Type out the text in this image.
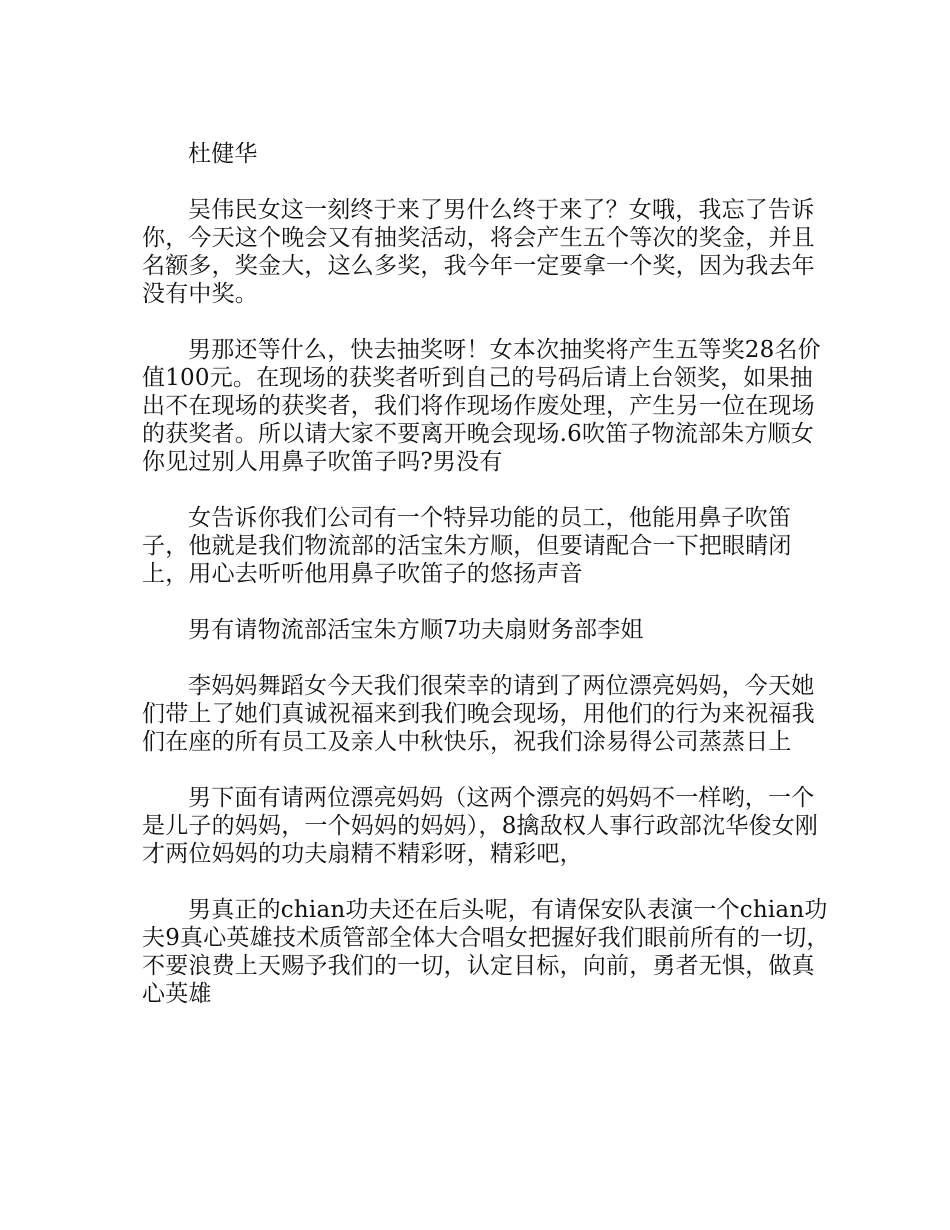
杜健华

吴伟民女这一刻终于来了男什么终于来了？女哦，我忘了告诉你，今天这个晚会又有抽奖活动，将会产生五个等次的奖金，并且名额多，奖金大，这么多奖，我今年一定要拿一个奖，因为我去年没有中奖。

男那还等什么，快去抽奖呀！女本次抽奖将产生五等奖28名价值100元。在现场的获奖者听到自己的号码后请上台领奖，如果抽出不在现场的获奖者，我们将作现场作废处理，产生另一位在现场的获奖者。所以请大家不要离开晚会现场.6吹笛子物流部朱方顺女你见过别人用鼻子吹笛子吗?男没有

女告诉你我们公司有一个特异功能的员工，他能用鼻子吹笛子，他就是我们物流部的活宝朱方顺，但要请配合一下把眼睛闭上，用心去听听他用鼻子吹笛子的悠扬声音

男有请物流部活宝朱方顺7功夫扇财务部李姐

李妈妈舞蹈女今天我们很荣幸的请到了两位漂亮妈妈，今天她们带上了她们真诚祝福来到我们晚会现场，用他们的行为来祝福我们在座的所有员工及亲人中秋快乐，祝我们涂易得公司蒸蒸日上

男下面有请两位漂亮妈妈（这两个漂亮的妈妈不一样哟，一个是儿子的妈妈，一个妈妈的妈妈），8擒敌权人事行政部沈华俊女刚才两位妈妈的功夫扇精不精彩呀，精彩吧，

男真正的chian功夫还在后头呢，有请保安队表演一个chian功夫9真心英雄技术质管部全体大合唱女把握好我们眼前所有的一切，不要浪费上天赐予我们的一切，认定目标，向前，勇者无惧，做真心英雄
